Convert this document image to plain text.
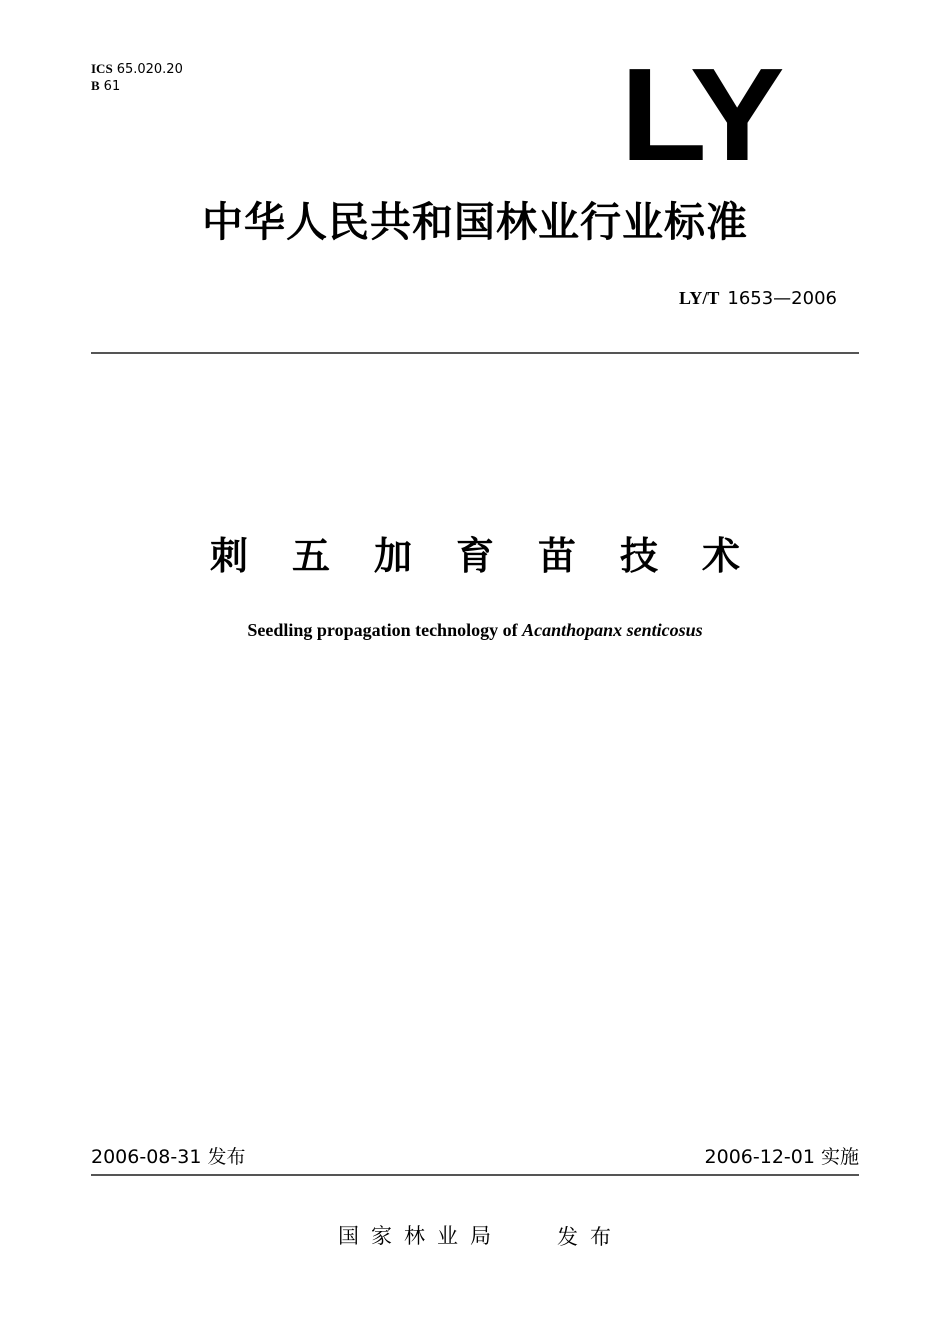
ICS 65.020.20
B 61	LY
中华人民共和国林业行业标准
LY/T 1653—2006
刺五加育苗技术
Seedling propagation technology of Acanthopanx senticosus
2006-08-31 发布	2006-12-01 实施
国家林业局	发布
